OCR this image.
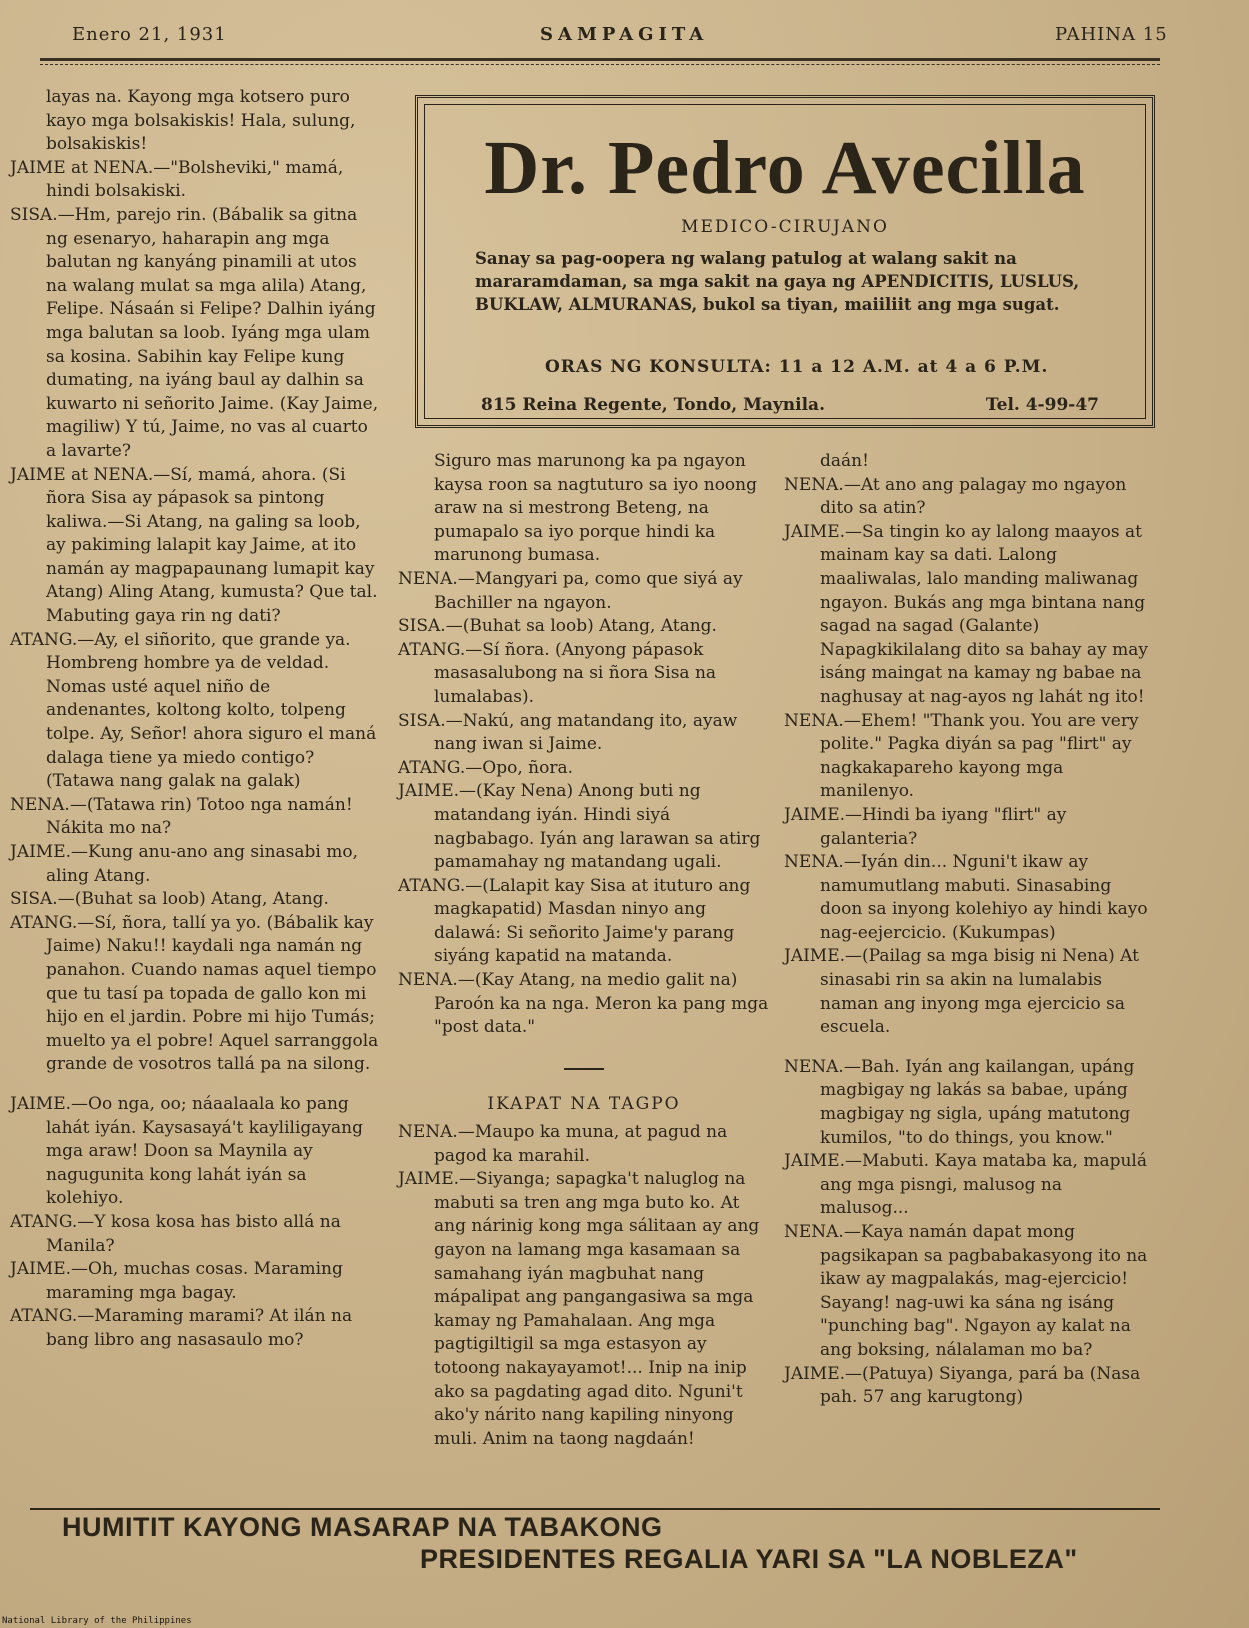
Enero 21, 1931	SAMPAGITA	PAHINA 15

layas na. Kayong mga kotsero puro kayo mga bolsakiskis! Hala, sulung, bolsakiskis!

JAIME at NENA.—"Bolsheviki," mamá, hindi bolsakiski.

SISA.—Hm, parejo rin. (Bábalik sa gitna ng esenaryo, haharapin ang mga balutan ng kanyáng pinamili at utos na walang mulat sa mga alila) Atang, Felipe. Násaán si Felipe? Dalhin iyáng mga balutan sa loob. Iyáng mga ulam sa kosina. Sabihin kay Felipe kung dumating, na iyáng baul ay dalhin sa kuwarto ni señorito Jaime. (Kay Jaime, magiliw) Y tú, Jaime, no vas al cuarto a lavarte?

JAIME at NENA.—Sí, mamá, ahora. (Si ñora Sisa ay pápasok sa pintong kaliwa.—Si Atang, na galing sa loob, ay pakiming lalapit kay Jaime, at ito namán ay magpapaunang lumapit kay Atang) Aling Atang, kumusta? Que tal. Mabuting gaya rin ng dati?

ATANG.—Ay, el siñorito, que grande ya. Hombreng hombre ya de veldad. Nomas usté aquel niño de andenantes, koltong kolto, tolpeng tolpe. Ay, Señor! ahora siguro el maná dalaga tiene ya miedo contigo? (Tatawa nang galak na galak)

NENA.—(Tatawa rin) Totoo nga namán! Nákita mo na?

JAIME.—Kung anu-ano ang sinasabi mo, aling Atang.

SISA.—(Buhat sa loob) Atang, Atang.

ATANG.—Sí, ñora, tallí ya yo. (Bábalik kay Jaime) Naku!! kaydali nga namán ng panahon. Cuando namas aquel tiempo que tu tasí pa topada de gallo kon mi hijo en el jardin. Pobre mi hijo Tumás; muelto ya el pobre! Aquel sarranggola grande de vosotros tallá pa na silong.

JAIME.—Oo nga, oo; náaalaala ko pang lahát iyán. Kaysasayá't kayliligayang mga araw! Doon sa Maynila ay nagugunita kong lahát iyán sa kolehiyo.

ATANG.—Y kosa kosa has bisto allá na Manila?

JAIME.—Oh, muchas cosas. Maraming maraming mga bagay.

ATANG.—Maraming marami? At ilán na bang libro ang nasasaulo mo?

Dr. Pedro Avecilla
MEDICO-CIRUJANO
Sanay sa pag-oopera ng walang patulog at walang sakit na mararamdaman, sa mga sakit na gaya ng APENDICITIS, LUSLUS, BUKLAW, ALMURANAS, bukol sa tiyan, maiiliit ang mga sugat.
ORAS NG KONSULTA: 11 a 12 A.M. at 4 a 6 P.M.
815 Reina Regente, Tondo, Maynila.	Tel. 4-99-47

Siguro mas marunong ka pa ngayon kaysa roon sa nagtuturo sa iyo noong araw na si mestrong Beteng, na pumapalo sa iyo porque hindi ka marunong bumasa.

NENA.—Mangyari pa, como que siyá ay Bachiller na ngayon.

SISA.—(Buhat sa loob) Atang, Atang.

ATANG.—Sí ñora. (Anyong pápasok masasalubong na si ñora Sisa na lumalabas).

SISA.—Nakú, ang matandang ito, ayaw nang iwan si Jaime.

ATANG.—Opo, ñora.

JAIME.—(Kay Nena) Anong buti ng matandang iyán. Hindi siyá nagbabago. Iyán ang larawan sa atirg pamamahay ng matandang ugali.

ATANG.—(Lalapit kay Sisa at ituturo ang magkapatid) Masdan ninyo ang dalawá: Si señorito Jaime'y parang siyáng kapatid na matanda.

NENA.—(Kay Atang, na medio galit na) Paroón ka na nga. Meron ka pang mga "post data."

IKAPAT NA TAGPO

NENA.—Maupo ka muna, at pagud na pagod ka marahil.

JAIME.—Siyanga; sapagka't naluglog na mabuti sa tren ang mga buto ko. At ang nárinig kong mga sálitaan ay ang gayon na lamang mga kasamaan sa samahang iyán magbuhat nang mápalipat ang pangangasiwa sa mga kamay ng Pamahalaan. Ang mga pagtigiltigil sa mga estasyon ay totoong nakayayamot!... Inip na inip ako sa pagdating agad dito. Nguni't ako'y nárito nang kapiling ninyong muli. Anim na taong nagdaán!

daán!

NENA.—At ano ang palagay mo ngayon dito sa atin?

JAIME.—Sa tingin ko ay lalong maayos at mainam kay sa dati. Lalong maaliwalas, lalo manding maliwanag ngayon. Bukás ang mga bintana nang sagad na sagad (Galante) Napagkikilalang dito sa bahay ay may isáng maingat na kamay ng babae na naghusay at nag-ayos ng lahát ng ito!

NENA.—Ehem! "Thank you. You are very polite." Pagka diyán sa pag "flirt" ay nagkakapareho kayong mga manilenyo.

JAIME.—Hindi ba iyang "flirt" ay galanteria?

NENA.—Iyán din... Nguni't ikaw ay namumutlang mabuti. Sinasabing doon sa inyong kolehiyo ay hindi kayo nag-eejercicio. (Kukumpas)

JAIME.—(Pailag sa mga bisig ni Nena) At sinasabi rin sa akin na lumalabis naman ang inyong mga ejercicio sa escuela.

NENA.—Bah. Iyán ang kailangan, upáng magbigay ng lakás sa babae, upáng magbigay ng sigla, upáng matutong kumilos, "to do things, you know."

JAIME.—Mabuti. Kaya mataba ka, mapulá ang mga pisngi, malusog na malusog...

NENA.—Kaya namán dapat mong pagsikapan sa pagbabakasyong ito na ikaw ay magpalakás, mag-ejercicio! Sayang! nag-uwi ka sána ng isáng "punching bag". Ngayon ay kalat na ang boksing, nálalaman mo ba?

JAIME.—(Patuya) Siyanga, pará ba (Nasa pah. 57 ang karugtong)

HUMITIT KAYONG MASARAP NA TABAKONG
PRESIDENTES REGALIA YARI SA "LA NOBLEZA"
National Library of the Philippines
